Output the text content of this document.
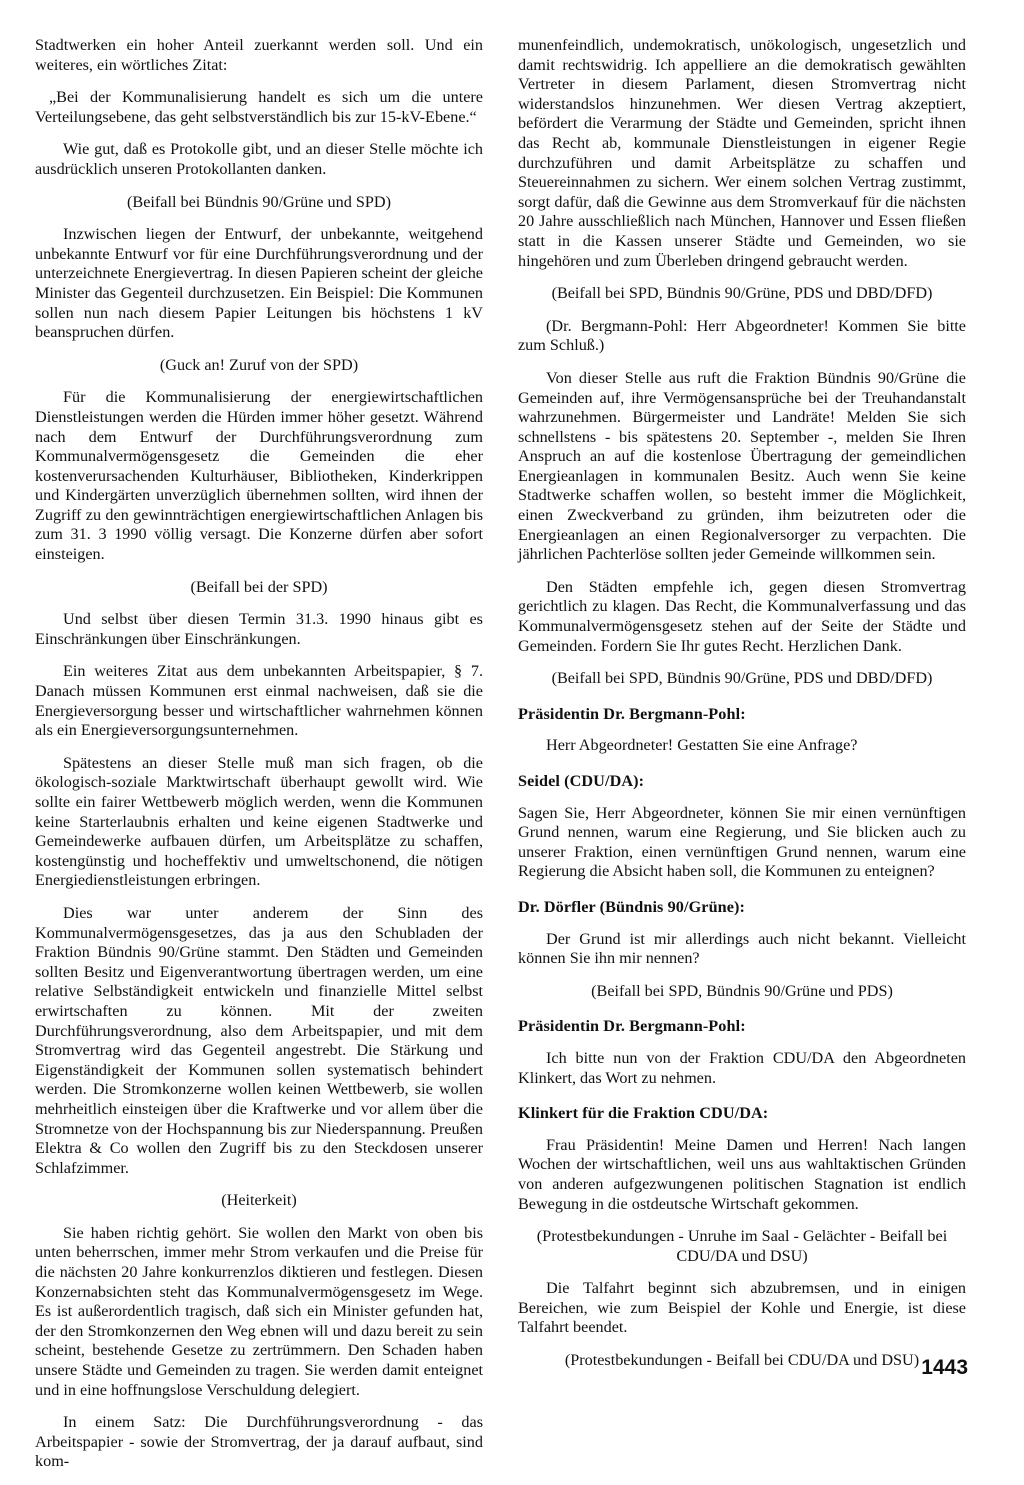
Stadtwerken ein hoher Anteil zuerkannt werden soll. Und ein weiteres, ein wörtliches Zitat:

„Bei der Kommunalisierung handelt es sich um die untere Verteilungsebene, das geht selbstverständlich bis zur 15-kV-Ebene.“

Wie gut, daß es Protokolle gibt, und an dieser Stelle möchte ich ausdrücklich unseren Protokollanten danken.

(Beifall bei Bündnis 90/Grüne und SPD)

Inzwischen liegen der Entwurf, der unbekannte, weitgehend unbekannte Entwurf vor für eine Durchführungsverordnung und der unterzeichnete Energievertrag. In diesen Papieren scheint der gleiche Minister das Gegenteil durchzusetzen. Ein Beispiel: Die Kommunen sollen nun nach diesem Papier Leitungen bis höchstens 1 kV beanspruchen dürfen.

(Guck an! Zuruf von der SPD)

Für die Kommunalisierung der energiewirtschaftlichen Dienstleistungen werden die Hürden immer höher gesetzt. Während nach dem Entwurf der Durchführungsverordnung zum Kommunalvermögensgesetz die Gemeinden die eher kostenverursachenden Kulturhäuser, Bibliotheken, Kinderkrippen und Kindergärten unverzüglich übernehmen sollten, wird ihnen der Zugriff zu den gewinnträchtigen energiewirtschaftlichen Anlagen bis zum 31. 3 1990 völlig versagt. Die Konzerne dürfen aber sofort einsteigen.

(Beifall bei der SPD)

Und selbst über diesen Termin 31.3. 1990 hinaus gibt es Einschränkungen über Einschränkungen.

Ein weiteres Zitat aus dem unbekannten Arbeitspapier, § 7. Danach müssen Kommunen erst einmal nachweisen, daß sie die Energieversorgung besser und wirtschaftlicher wahrnehmen können als ein Energieversorgungsunternehmen.

Spätestens an dieser Stelle muß man sich fragen, ob die ökologisch-soziale Marktwirtschaft überhaupt gewollt wird. Wie sollte ein fairer Wettbewerb möglich werden, wenn die Kommunen keine Starterlaubnis erhalten und keine eigenen Stadtwerke und Gemeindewerke aufbauen dürfen, um Arbeitsplätze zu schaffen, kostengünstig und hocheffektiv und umweltschonend, die nötigen Energiedienstleistungen erbringen.

Dies war unter anderem der Sinn des Kommunalvermögensgesetzes, das ja aus den Schubladen der Fraktion Bündnis 90/Grüne stammt. Den Städten und Gemeinden sollten Besitz und Eigenverantwortung übertragen werden, um eine relative Selbständigkeit entwickeln und finanzielle Mittel selbst erwirtschaften zu können. Mit der zweiten Durchführungsverordnung, also dem Arbeitspapier, und mit dem Stromvertrag wird das Gegenteil angestrebt. Die Stärkung und Eigenständigkeit der Kommunen sollen systematisch behindert werden. Die Stromkonzerne wollen keinen Wettbewerb, sie wollen mehrheitlich einsteigen über die Kraftwerke und vor allem über die Stromnetze von der Hochspannung bis zur Niederspannung. Preußen Elektra & Co wollen den Zugriff bis zu den Steckdosen unserer Schlafzimmer.

(Heiterkeit)

Sie haben richtig gehört. Sie wollen den Markt von oben bis unten beherrschen, immer mehr Strom verkaufen und die Preise für die nächsten 20 Jahre konkurrenzlos diktieren und festlegen. Diesen Konzernabsichten steht das Kommunalvermögensgesetz im Wege. Es ist außerordentlich tragisch, daß sich ein Minister gefunden hat, der den Stromkonzernen den Weg ebnen will und dazu bereit zu sein scheint, bestehende Gesetze zu zertrümmern. Den Schaden haben unsere Städte und Gemeinden zu tragen. Sie werden damit enteignet und in eine hoffnungslose Verschuldung delegiert.

In einem Satz: Die Durchführungsverordnung - das Arbeitspapier - sowie der Stromvertrag, der ja darauf aufbaut, sind kom-

munenfeindlich, undemokratisch, unökologisch, ungesetzlich und damit rechtswidrig. Ich appelliere an die demokratisch gewählten Vertreter in diesem Parlament, diesen Stromvertrag nicht widerstandslos hinzunehmen. Wer diesen Vertrag akzeptiert, befördert die Verarmung der Städte und Gemeinden, spricht ihnen das Recht ab, kommunale Dienstleistungen in eigener Regie durchzuführen und damit Arbeitsplätze zu schaffen und Steuereinnahmen zu sichern. Wer einem solchen Vertrag zustimmt, sorgt dafür, daß die Gewinne aus dem Stromverkauf für die nächsten 20 Jahre ausschließlich nach München, Hannover und Essen fließen statt in die Kassen unserer Städte und Gemeinden, wo sie hingehören und zum Überleben dringend gebraucht werden.

(Beifall bei SPD, Bündnis 90/Grüne, PDS und DBD/DFD)

(Dr. Bergmann-Pohl: Herr Abgeordneter! Kommen Sie bitte zum Schluß.)

Von dieser Stelle aus ruft die Fraktion Bündnis 90/Grüne die Gemeinden auf, ihre Vermögensansprüche bei der Treuhandanstalt wahrzunehmen. Bürgermeister und Landräte! Melden Sie sich schnellstens - bis spätestens 20. September -, melden Sie Ihren Anspruch an auf die kostenlose Übertragung der gemeindlichen Energieanlagen in kommunalen Besitz. Auch wenn Sie keine Stadtwerke schaffen wollen, so besteht immer die Möglichkeit, einen Zweckverband zu gründen, ihm beizutreten oder die Energieanlagen an einen Regionalversorger zu verpachten. Die jährlichen Pachterlöse sollten jeder Gemeinde willkommen sein.

Den Städten empfehle ich, gegen diesen Stromvertrag gerichtlich zu klagen. Das Recht, die Kommunalverfassung und das Kommunalvermögensgesetz stehen auf der Seite der Städte und Gemeinden. Fordern Sie Ihr gutes Recht. Herzlichen Dank.

(Beifall bei SPD, Bündnis 90/Grüne, PDS und DBD/DFD)

Präsidentin Dr. Bergmann-Pohl:

Herr Abgeordneter! Gestatten Sie eine Anfrage?

Seidel (CDU/DA):

Sagen Sie, Herr Abgeordneter, können Sie mir einen vernünftigen Grund nennen, warum eine Regierung, und Sie blicken auch zu unserer Fraktion, einen vernünftigen Grund nennen, warum eine Regierung die Absicht haben soll, die Kommunen zu enteignen?

Dr. Dörfler (Bündnis 90/Grüne):

Der Grund ist mir allerdings auch nicht bekannt. Vielleicht können Sie ihn mir nennen?

(Beifall bei SPD, Bündnis 90/Grüne und PDS)

Präsidentin Dr. Bergmann-Pohl:

Ich bitte nun von der Fraktion CDU/DA den Abgeordneten Klinkert, das Wort zu nehmen.

Klinkert für die Fraktion CDU/DA:

Frau Präsidentin! Meine Damen und Herren! Nach langen Wochen der wirtschaftlichen, weil uns aus wahltaktischen Gründen von anderen aufgezwungenen politischen Stagnation ist endlich Bewegung in die ostdeutsche Wirtschaft gekommen.

(Protestbekundungen - Unruhe im Saal - Gelächter - Beifall bei CDU/DA und DSU)

Die Talfahrt beginnt sich abzubremsen, und in einigen Bereichen, wie zum Beispiel der Kohle und Energie, ist diese Talfahrt beendet.

(Protestbekundungen - Beifall bei CDU/DA und DSU) 1443
